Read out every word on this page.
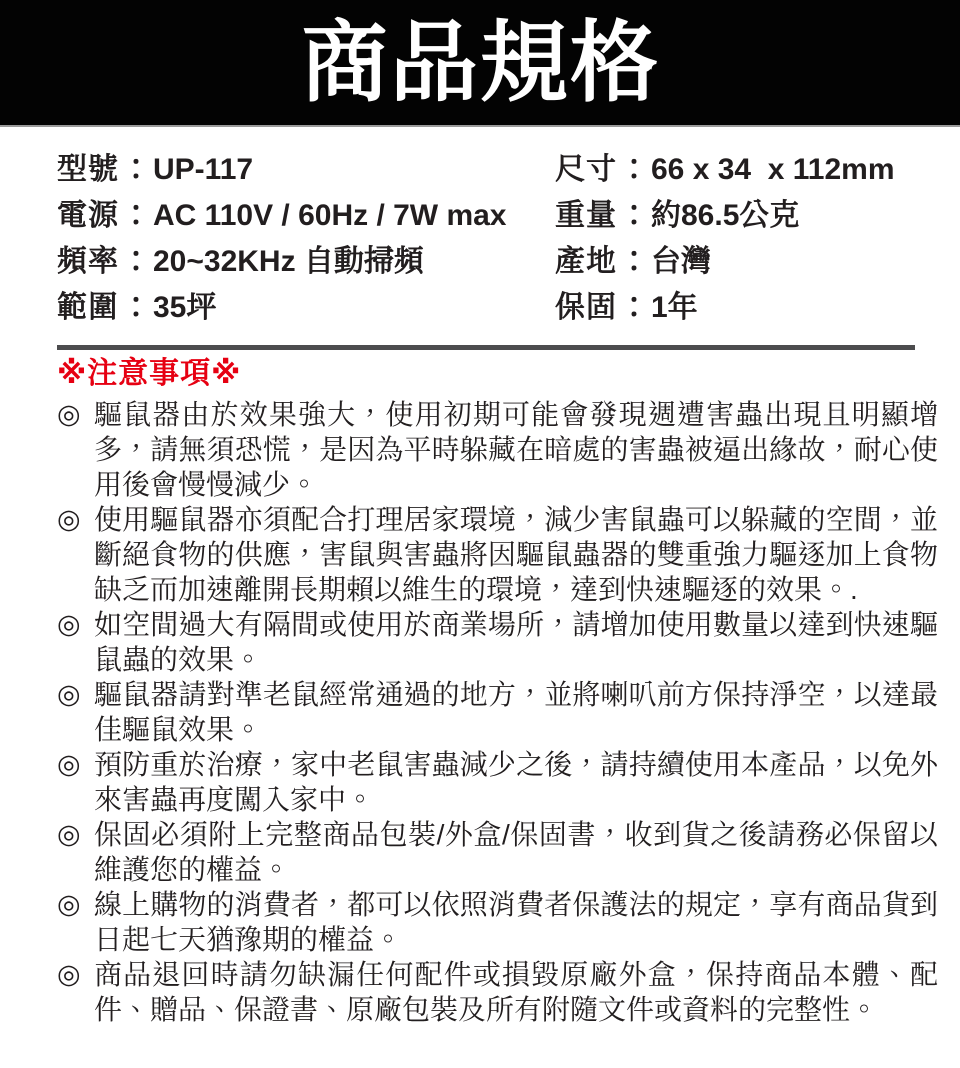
商品規格
型號：UP-117
電源：AC 110V / 60Hz / 7W max
頻率：20~32KHz 自動掃頻
範圍：35坪
尺寸：66 x 34  x 112mm
重量：約86.5公克
產地：台灣
保固：1年
※注意事項※
◎ 驅鼠器由於效果強大，使用初期可能會發現週遭害蟲出現且明顯增多，請無須恐慌，是因為平時躲藏在暗處的害蟲被逼出緣故，耐心使用後會慢慢減少。
◎ 使用驅鼠器亦須配合打理居家環境，減少害鼠蟲可以躲藏的空間，並斷絕食物的供應，害鼠與害蟲將因驅鼠蟲器的雙重強力驅逐加上食物缺乏而加速離開長期賴以維生的環境，達到快速驅逐的效果。.
◎ 如空間過大有隔間或使用於商業場所，請增加使用數量以達到快速驅鼠蟲的效果。
◎ 驅鼠器請對準老鼠經常通過的地方，並將喇叭前方保持淨空，以達最佳驅鼠效果。
◎ 預防重於治療，家中老鼠害蟲減少之後，請持續使用本產品，以免外來害蟲再度闖入家中。
◎ 保固必須附上完整商品包裝/外盒/保固書，收到貨之後請務必保留以維護您的權益。
◎ 線上購物的消費者，都可以依照消費者保護法的規定，享有商品貨到日起七天猶豫期的權益。
◎ 商品退回時請勿缺漏任何配件或損毀原廠外盒，保持商品本體、配件、贈品、保證書、原廠包裝及所有附隨文件或資料的完整性。
